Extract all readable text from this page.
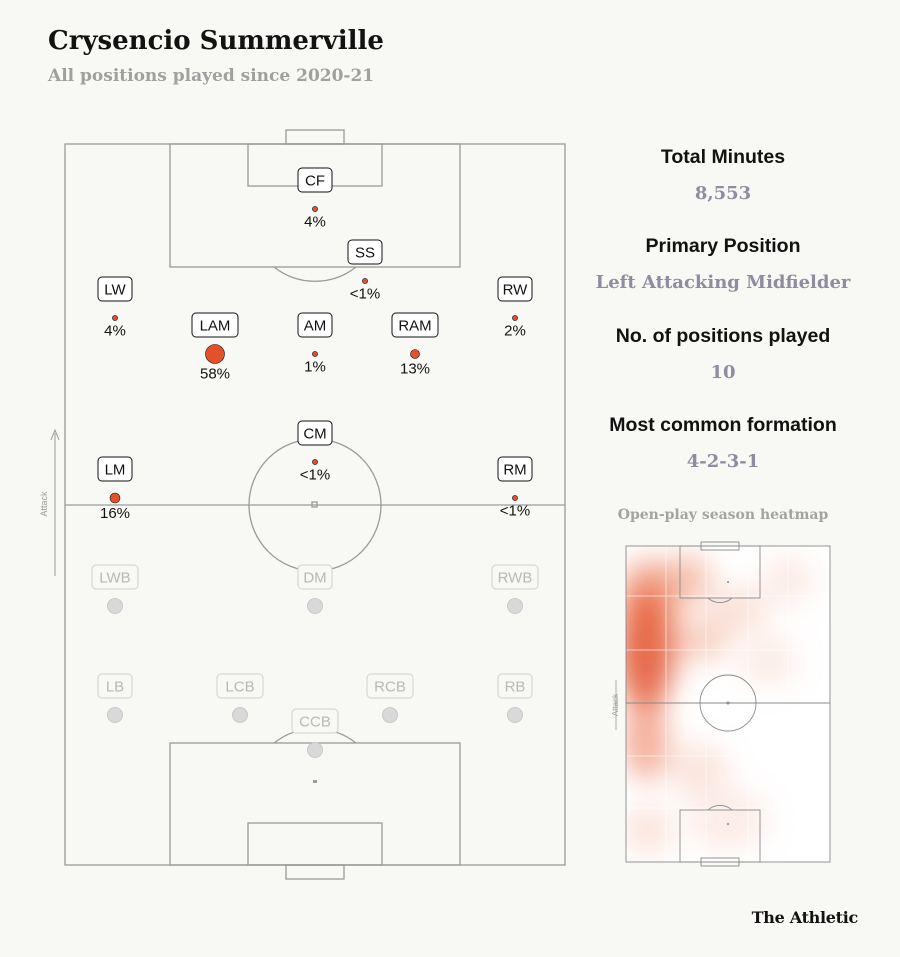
Crysencio Summerville
All positions played since 2020-21
Attack
CF
4%
SS
<1%
LW
4%
RW
2%
LAM
58%
AM
1%
RAM
13%
CM
<1%
LM
16%
RM
<1%
LWB	DM	RWB
LB	LCB	RCB	RB
CCB
Total Minutes
8,553
Primary Position
Left Attacking Midfielder
No. of positions played
10
Most common formation
4-2-3-1
Open-play season heatmap
Attack
The Athletic
